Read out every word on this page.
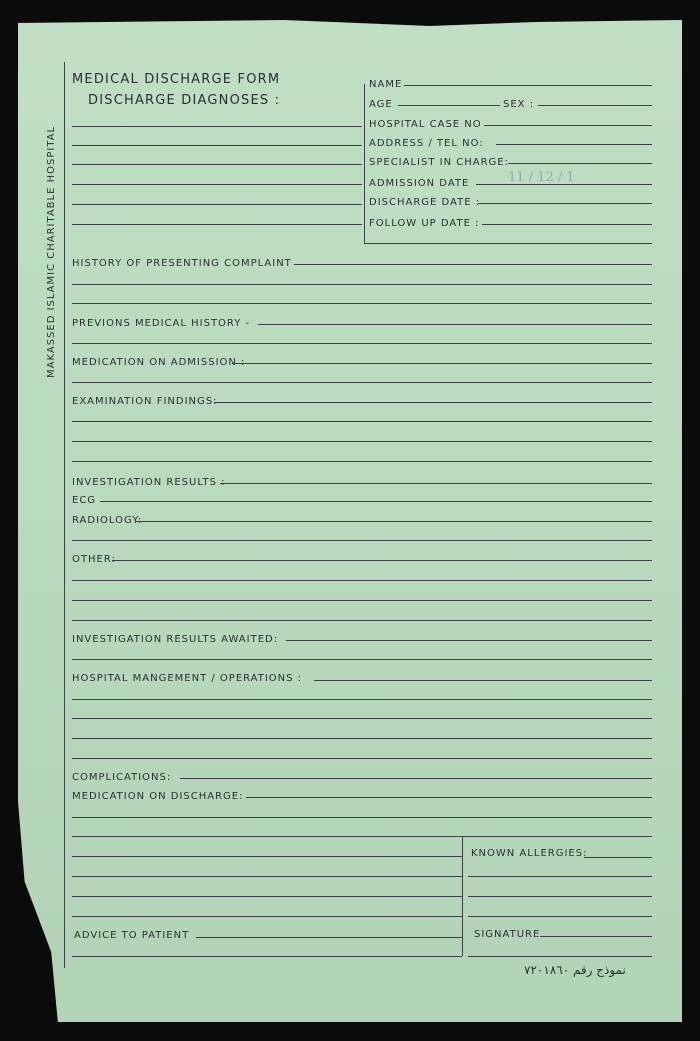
MAKASSED ISLAMIC CHARITABLE HOSPITAL
MEDICAL DISCHARGE FORM
DISCHARGE DIAGNOSES :
NAME
AGE	SEX :
HOSPITAL CASE NO
ADDRESS / TEL NO:
SPECIALIST IN CHARGE:
ADMISSION DATE	11 / 12 / 1
DISCHARGE DATE :
FOLLOW UP DATE :
HISTORY OF PRESENTING COMPLAINT
PREVIONS MEDICAL HISTORY -
MEDICATION ON ADMISSION :
EXAMINATION FINDINGS:
INVESTIGATION RESULTS :
ECG
RADIOLOGY:
OTHER:
INVESTIGATION RESULTS AWAITED:
HOSPITAL MANGEMENT / OPERATIONS :
COMPLICATIONS:
MEDICATION ON DISCHARGE:
KNOWN ALLERGIES:
ADVICE TO PATIENT	SIGNATURE
نموذج رقم ٧٢٠١٨٦٠
